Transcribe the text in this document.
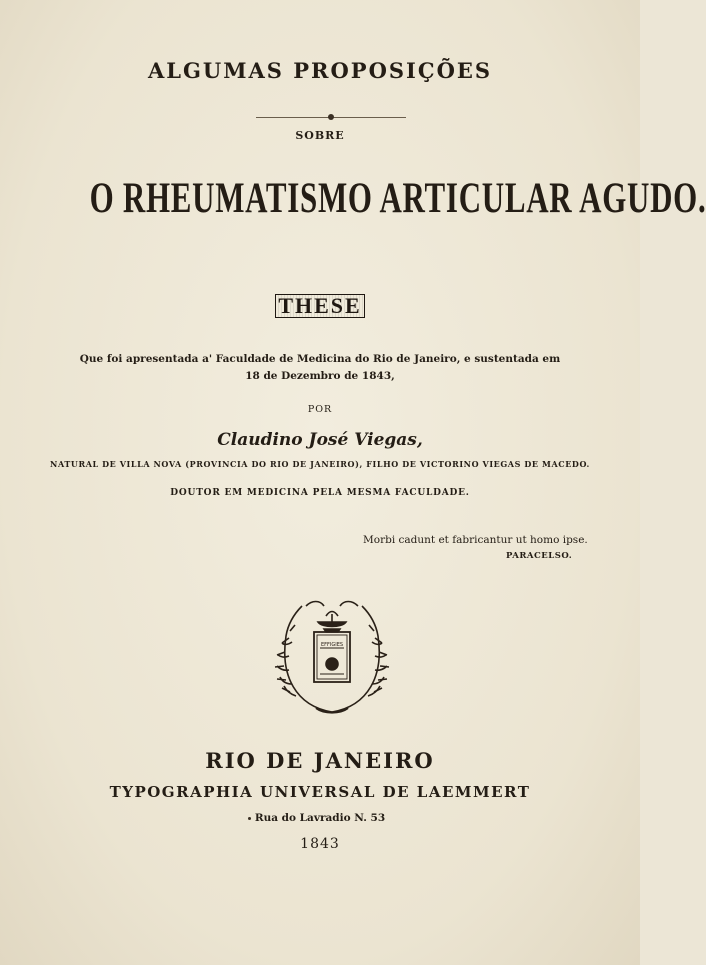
ALGUMAS PROPOSIÇÕES
SOBRE
O RHEUMATISMO ARTICULAR AGUDO.
THESE
Que foi apresentada a' Faculdade de Medicina do Rio de Janeiro, e sustentada em
18 de Dezembro de 1843,
POR
Claudino José Viegas,
NATURAL DE VILLA NOVA (PROVINCIA DO RIO DE JANEIRO), FILHO DE VICTORINO VIEGAS DE MACEDO.
DOUTOR EM MEDICINA PELA MESMA FACULDADE.
Morbi cadunt et fabricantur ut homo ipse.
PARACELSO.
EFFIGIES
RIO DE JANEIRO
TYPOGRAPHIA UNIVERSAL DE LAEMMERT
Rua do Lavradio N. 53
1843
